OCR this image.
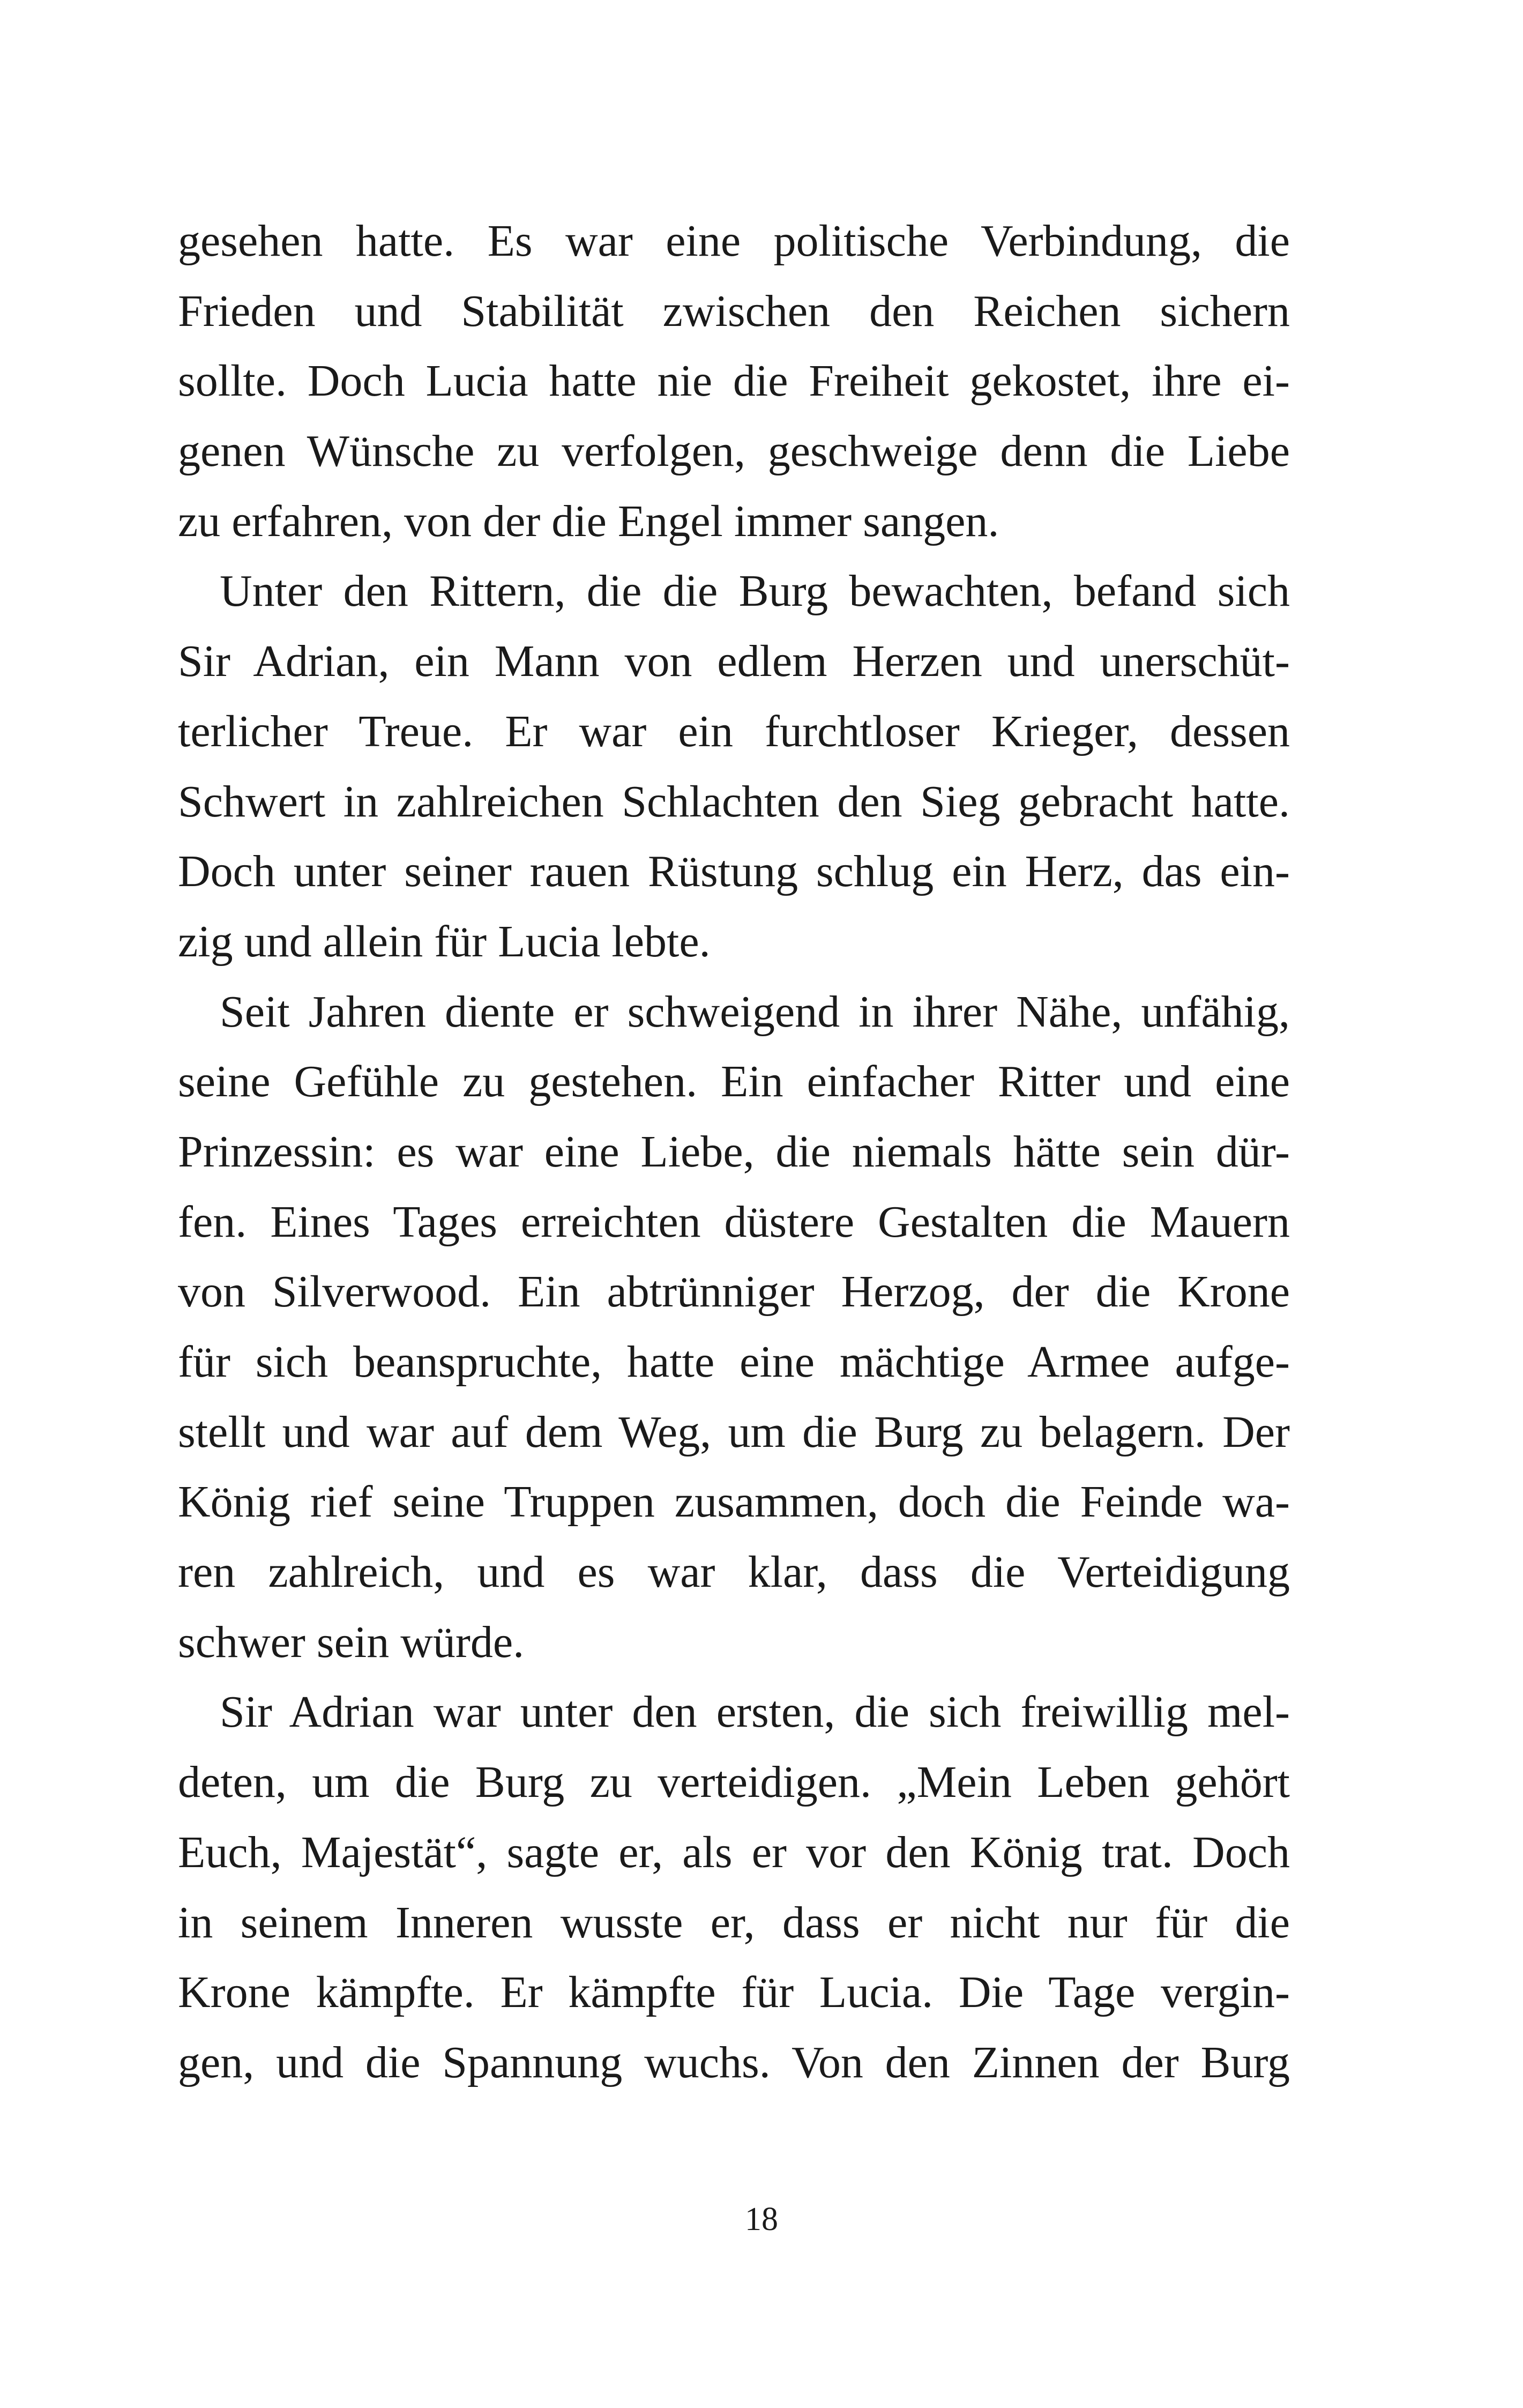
gesehen hatte. Es war eine politische Verbindung, die
Frieden und Stabilität zwischen den Reichen sichern
sollte. Doch Lucia hatte nie die Freiheit gekostet, ihre ei-
genen Wünsche zu verfolgen, geschweige denn die Liebe
zu erfahren, von der die Engel immer sangen.
Unter den Rittern, die die Burg bewachten, befand sich
Sir Adrian, ein Mann von edlem Herzen und unerschüt-
terlicher Treue. Er war ein furchtloser Krieger, dessen
Schwert in zahlreichen Schlachten den Sieg gebracht hatte.
Doch unter seiner rauen Rüstung schlug ein Herz, das ein-
zig und allein für Lucia lebte.
Seit Jahren diente er schweigend in ihrer Nähe, unfähig,
seine Gefühle zu gestehen. Ein einfacher Ritter und eine
Prinzessin: es war eine Liebe, die niemals hätte sein dür-
fen. Eines Tages erreichten düstere Gestalten die Mauern
von Silverwood. Ein abtrünniger Herzog, der die Krone
für sich beanspruchte, hatte eine mächtige Armee aufge-
stellt und war auf dem Weg, um die Burg zu belagern. Der
König rief seine Truppen zusammen, doch die Feinde wa-
ren zahlreich, und es war klar, dass die Verteidigung
schwer sein würde.
Sir Adrian war unter den ersten, die sich freiwillig mel-
deten, um die Burg zu verteidigen. „Mein Leben gehört
Euch, Majestät“, sagte er, als er vor den König trat. Doch
in seinem Inneren wusste er, dass er nicht nur für die
Krone kämpfte. Er kämpfte für Lucia. Die Tage vergin-
gen, und die Spannung wuchs. Von den Zinnen der Burg
18
